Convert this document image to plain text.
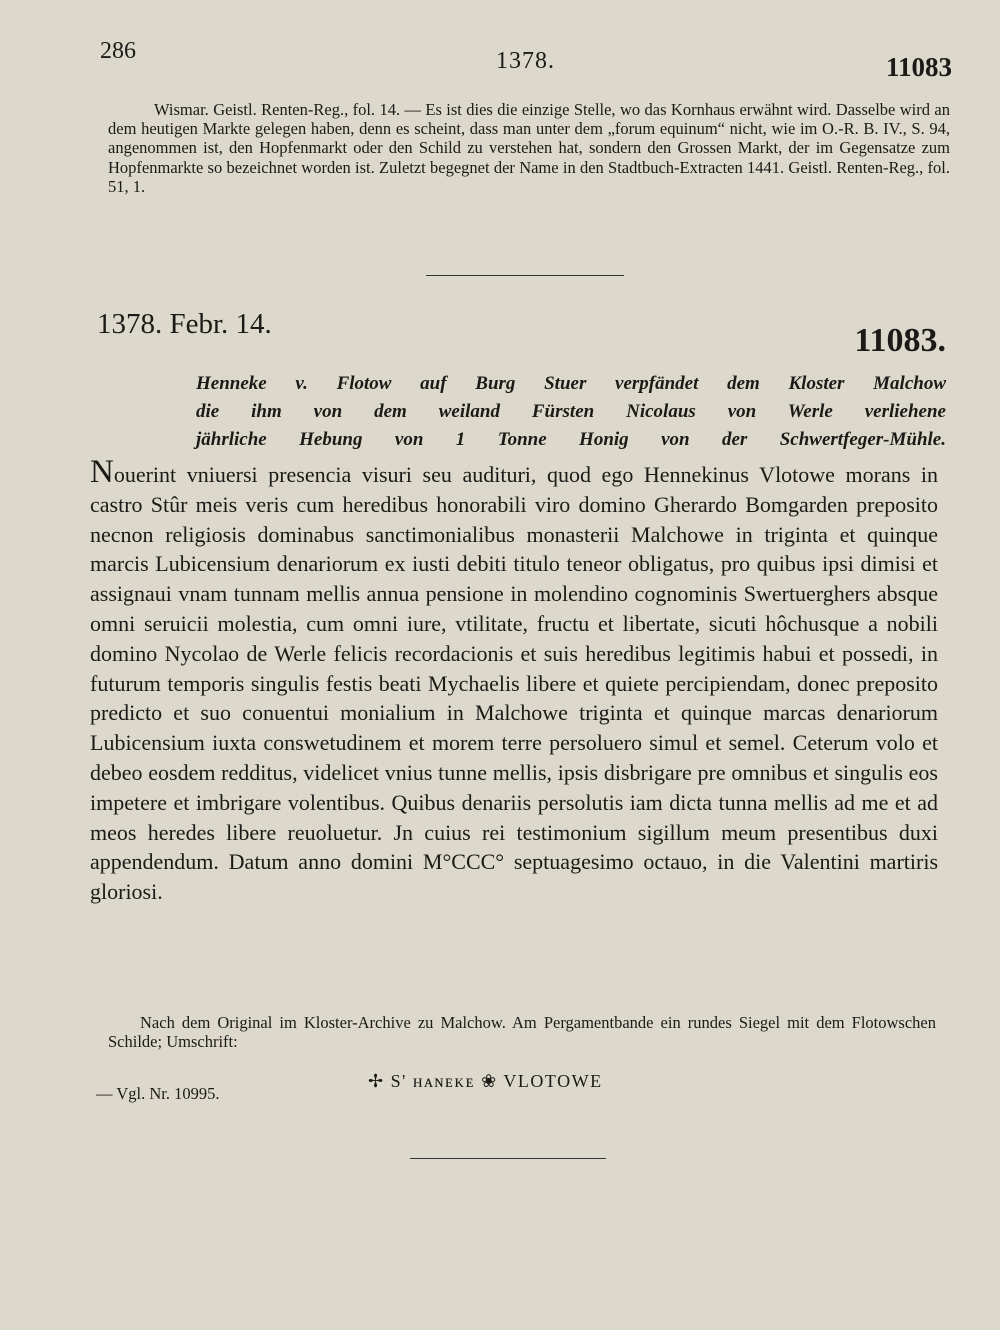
286	1378.	11083
Wismar. Geistl. Renten-Reg., fol. 14. — Es ist dies die einzige Stelle, wo das Kornhaus erwähnt wird. Dasselbe wird an dem heutigen Markte gelegen haben, denn es scheint, dass man unter dem „forum equinum“ nicht, wie im O.-R. B. IV., S. 94, angenommen ist, den Hopfenmarkt oder den Schild zu verstehen hat, sondern den Grossen Markt, der im Gegensatze zum Hopfenmarkte so bezeichnet worden ist. Zuletzt begegnet der Name in den Stadtbuch-Extracten 1441. Geistl. Renten-Reg., fol. 51, 1.
1378. Febr. 14.	11083.
Henneke v. Flotow auf Burg Stuer verpfändet dem Kloster Malchow
die ihm von dem weiland Fürsten Nicolaus von Werle verliehene
jährliche Hebung von 1 Tonne Honig von der Schwertfeger-Mühle.
Nouerint vniuersi presencia visuri seu audituri, quod ego Hennekinus Vlotowe morans in castro Stûr meis veris cum heredibus honorabili viro domino Gherardo Bomgarden preposito necnon religiosis dominabus sanctimonialibus monasterii Malchowe in triginta et quinque marcis Lubicensium denariorum ex iusti debiti titulo teneor obligatus, pro quibus ipsi dimisi et assignaui vnam tunnam mellis annua pensione in molendino cognominis Swertuerghers absque omni seruicii molestia, cum omni iure, vtilitate, fructu et libertate, sicuti hôchusque a nobili domino Nycolao de Werle felicis recordacionis et suis heredibus legitimis habui et possedi, in futurum temporis singulis festis beati Mychaelis libere et quiete percipiendam, donec preposito predicto et suo conuentui monialium in Malchowe triginta et quinque marcas denariorum Lubicensium iuxta conswetudinem et morem terre persoluero simul et semel. Ceterum volo et debeo eosdem redditus, videlicet vnius tunne mellis, ipsis disbrigare pre omnibus et singulis eos impetere et imbrigare volentibus. Quibus denariis persolutis iam dicta tunna mellis ad me et ad meos heredes libere reuoluetur. Jn cuius rei testimonium sigillum meum presentibus duxi appendendum. Datum anno domini M°CCC° septuagesimo octauo, in die Valentini martiris gloriosi.
Nach dem Original im Kloster-Archive zu Malchow. Am Pergamentbande ein rundes Siegel mit dem Flotowschen Schilde; Umschrift:
✢ S' ʜᴀɴᴇᴋᴇ ❀ VLOTOWE
— Vgl. Nr. 10995.
